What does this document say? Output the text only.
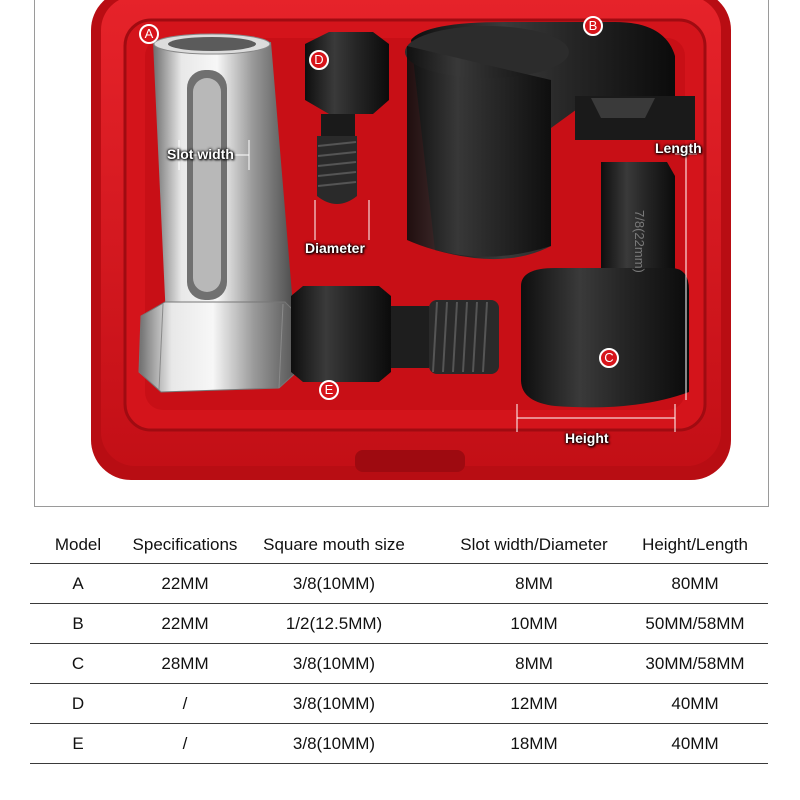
7/8(22mm)
A
B
C
D
E
Slot width
Diameter
Length
Height
Model	Specifications	Square mouth size	Slot width/Diameter	Height/Length
A	22MM	3/8(10MM)	8MM	80MM
B	22MM	1/2(12.5MM)	10MM	50MM/58MM
C	28MM	3/8(10MM)	8MM	30MM/58MM
D	/	3/8(10MM)	12MM	40MM
E	/	3/8(10MM)	18MM	40MM
